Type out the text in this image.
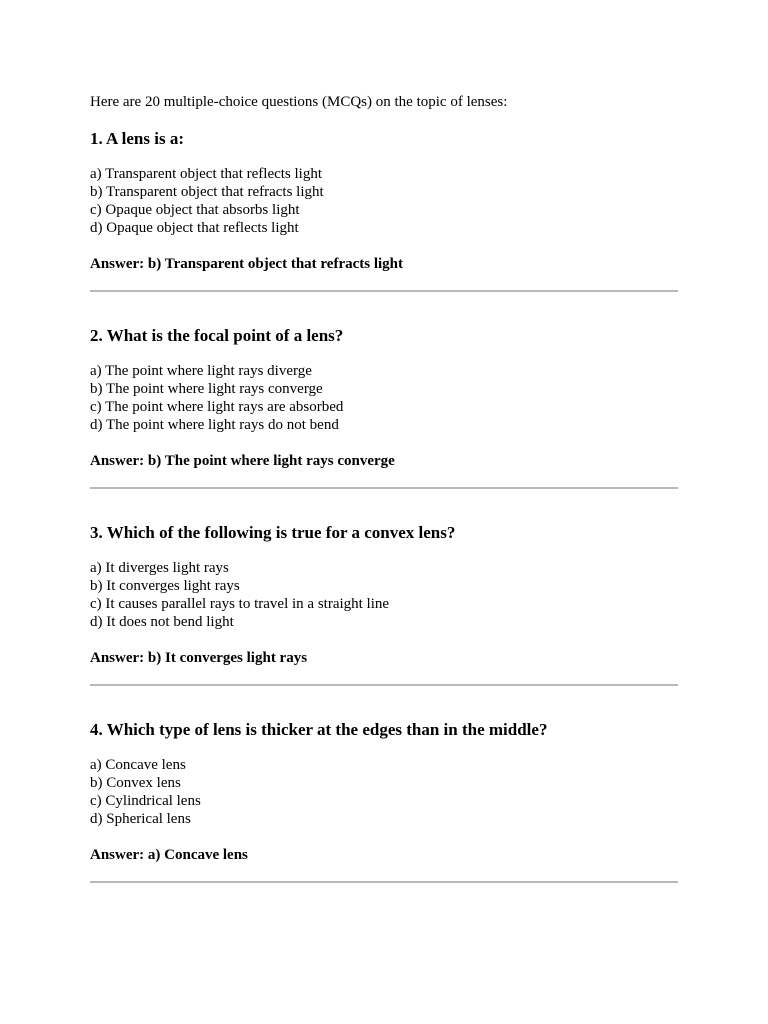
Here are 20 multiple-choice questions (MCQs) on the topic of lenses:

1. A lens is a:

a) Transparent object that reflects light
b) Transparent object that refracts light
c) Opaque object that absorbs light
d) Opaque object that reflects light

Answer: b) Transparent object that refracts light

2. What is the focal point of a lens?

a) The point where light rays diverge
b) The point where light rays converge
c) The point where light rays are absorbed
d) The point where light rays do not bend

Answer: b) The point where light rays converge

3. Which of the following is true for a convex lens?

a) It diverges light rays
b) It converges light rays
c) It causes parallel rays to travel in a straight line
d) It does not bend light

Answer: b) It converges light rays

4. Which type of lens is thicker at the edges than in the middle?

a) Concave lens
b) Convex lens
c) Cylindrical lens
d) Spherical lens

Answer: a) Concave lens
